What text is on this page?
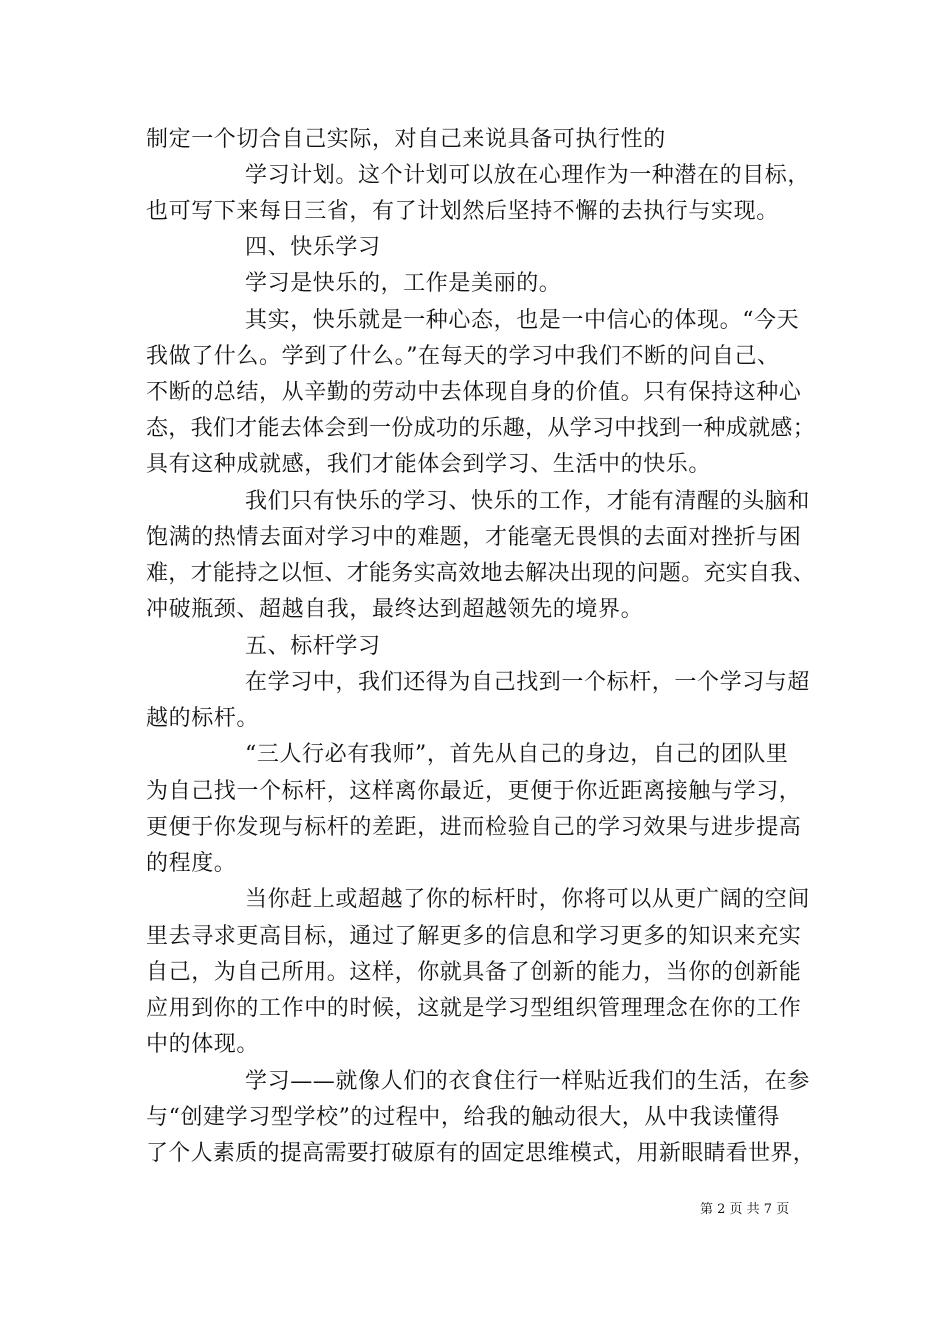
制定一个切合自己实际，对自己来说具备可执行性的
学习计划。这个计划可以放在心理作为一种潜在的目标，
也可写下来每日三省，有了计划然后坚持不懈的去执行与实现。
四、快乐学习
学习是快乐的，工作是美丽的。
其实，快乐就是一种心态，也是一中信心的体现。“今天
我做了什么。学到了什么。”在每天的学习中我们不断的问自己、
不断的总结，从辛勤的劳动中去体现自身的价值。只有保持这种心
态，我们才能去体会到一份成功的乐趣，从学习中找到一种成就感；
具有这种成就感，我们才能体会到学习、生活中的快乐。
我们只有快乐的学习、快乐的工作，才能有清醒的头脑和
饱满的热情去面对学习中的难题，才能毫无畏惧的去面对挫折与困
难，才能持之以恒、才能务实高效地去解决出现的问题。充实自我、
冲破瓶颈、超越自我，最终达到超越领先的境界。
五、标杆学习
在学习中，我们还得为自己找到一个标杆，一个学习与超
越的标杆。
“三人行必有我师”，首先从自己的身边，自己的团队里
为自己找一个标杆，这样离你最近，更便于你近距离接触与学习，
更便于你发现与标杆的差距，进而检验自己的学习效果与进步提高
的程度。
当你赶上或超越了你的标杆时，你将可以从更广阔的空间
里去寻求更高目标，通过了解更多的信息和学习更多的知识来充实
自己，为自己所用。这样，你就具备了创新的能力，当你的创新能
应用到你的工作中的时候，这就是学习型组织管理理念在你的工作
中的体现。
学习——就像人们的衣食住行一样贴近我们的生活，在参
与“创建学习型学校”的过程中，给我的触动很大，从中我读懂得
了个人素质的提高需要打破原有的固定思维模式，用新眼睛看世界，
第 2 页 共 7 页
